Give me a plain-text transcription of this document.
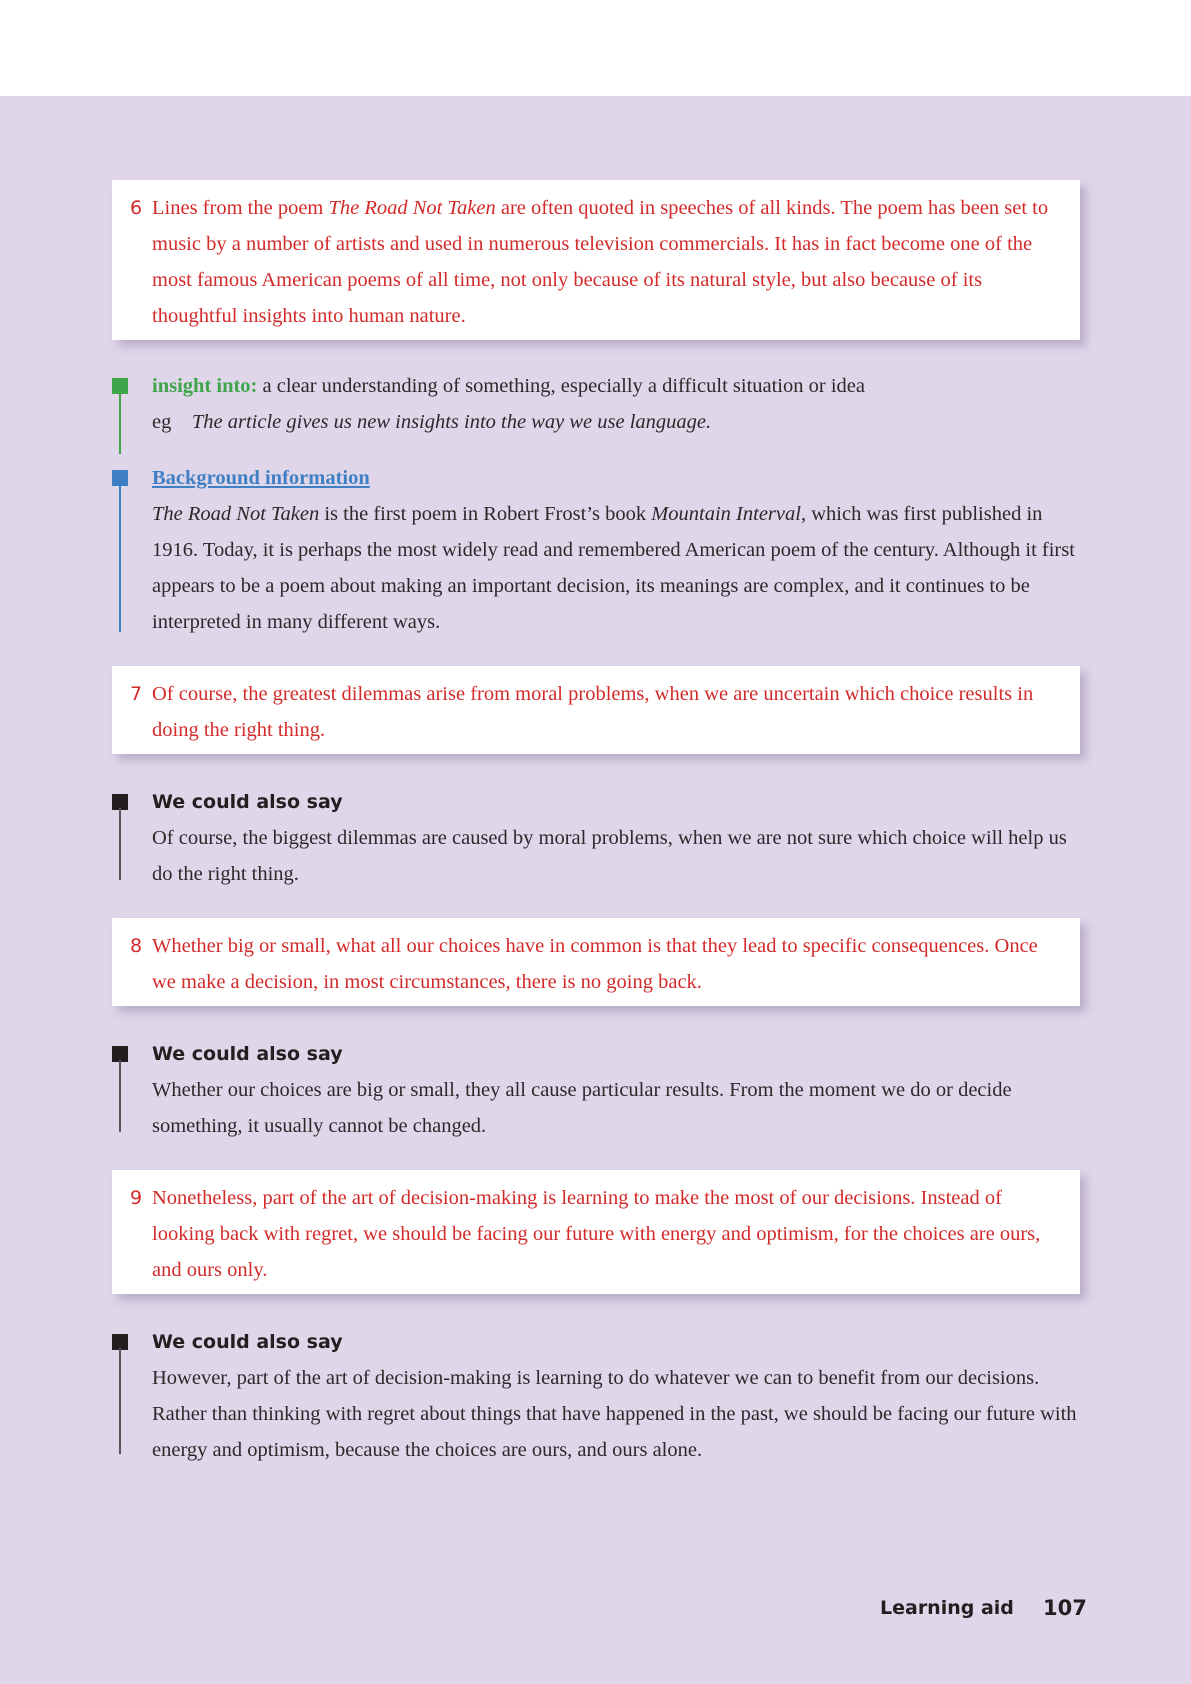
6 Lines from the poem The Road Not Taken are often quoted in speeches of all kinds. The poem has been set to music by a number of artists and used in numerous television commercials. It has in fact become one of the most famous American poems of all time, not only because of its natural style, but also because of its thoughtful insights into human nature.
insight into: a clear understanding of something, especially a difficult situation or idea
eg The article gives us new insights into the way we use language.
Background information
The Road Not Taken is the first poem in Robert Frost’s book Mountain Interval, which was first published in 1916. Today, it is perhaps the most widely read and remembered American poem of the century. Although it first appears to be a poem about making an important decision, its meanings are complex, and it continues to be interpreted in many different ways.
7 Of course, the greatest dilemmas arise from moral problems, when we are uncertain which choice results in doing the right thing.
We could also say
Of course, the biggest dilemmas are caused by moral problems, when we are not sure which choice will help us do the right thing.
8 Whether big or small, what all our choices have in common is that they lead to specific consequences. Once we make a decision, in most circumstances, there is no going back.
We could also say
Whether our choices are big or small, they all cause particular results. From the moment we do or decide something, it usually cannot be changed.
9 Nonetheless, part of the art of decision-making is learning to make the most of our decisions. Instead of looking back with regret, we should be facing our future with energy and optimism, for the choices are ours, and ours only.
We could also say
However, part of the art of decision-making is learning to do whatever we can to benefit from our decisions. Rather than thinking with regret about things that have happened in the past, we should be facing our future with energy and optimism, because the choices are ours, and ours alone.
Learning aid 107
